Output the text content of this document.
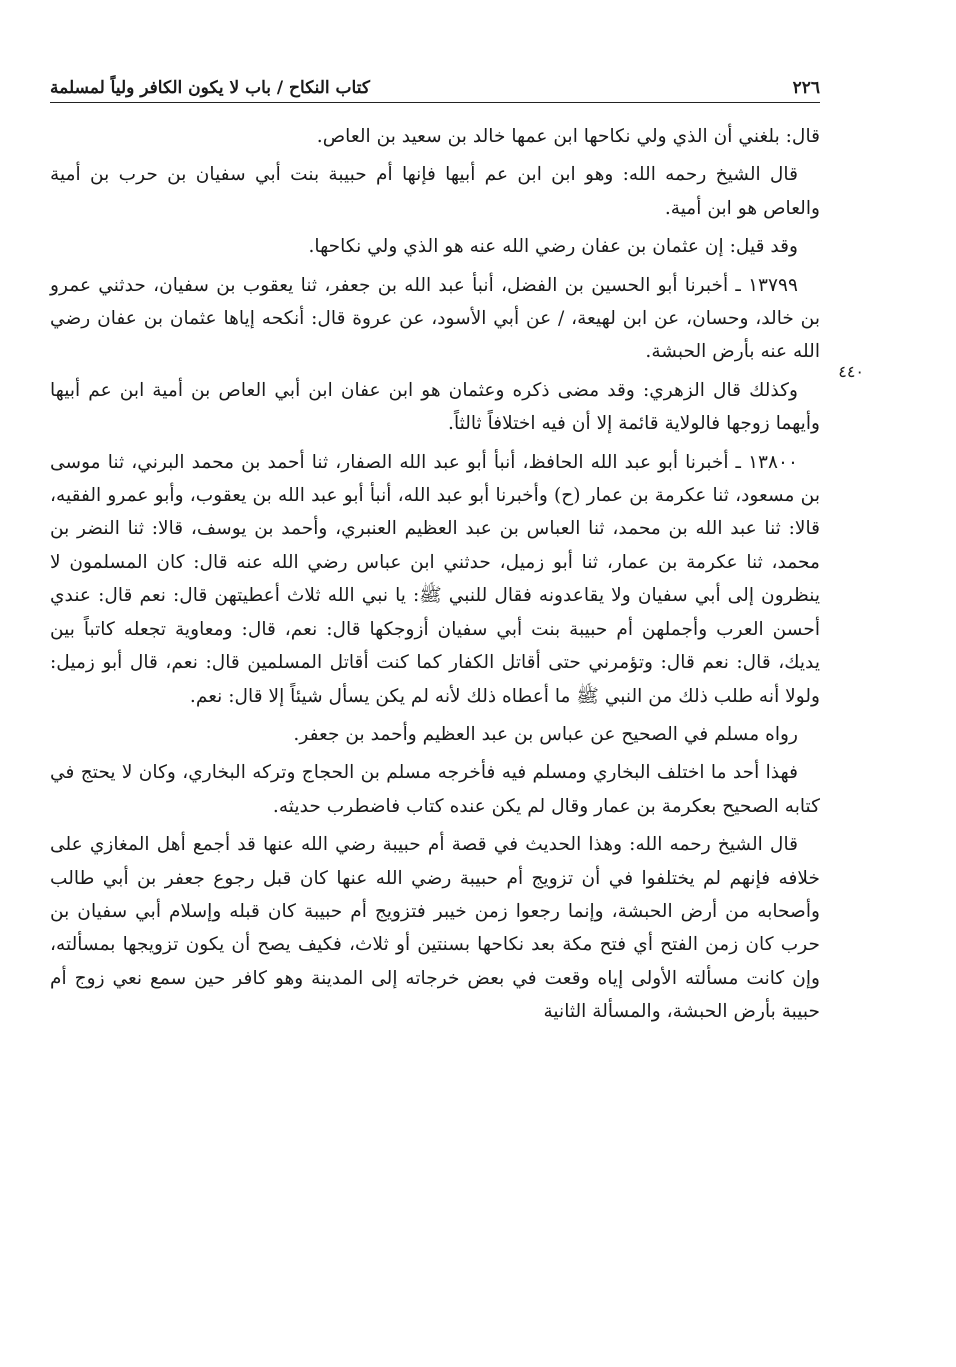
٢٢٦
كتاب النكاح / باب لا يكون الكافر ولياً لمسلمة
٤٤٠

قال: بلغني أن الذي ولي نكاحها ابن عمها خالد بن سعيد بن العاص.

قال الشيخ رحمه الله: وهو ابن ابن عم أبيها فإنها أم حبيبة بنت أبي سفيان بن حرب بن أمية والعاص هو ابن أمية.

وقد قيل: إن عثمان بن عفان رضي الله عنه هو الذي ولي نكاحها.

١٣٧٩٩ ـ أخبرنا أبو الحسين بن الفضل، أنبأ عبد الله بن جعفر، ثنا يعقوب بن سفيان، حدثني عمرو بن خالد، وحسان، عن ابن لهيعة، / عن أبي الأسود، عن عروة قال: أنكحه إياها عثمان بن عفان رضي الله عنه بأرض الحبشة.

وكذلك قال الزهري: وقد مضى ذكره وعثمان هو ابن عفان ابن أبي العاص بن أمية ابن عم أبيها وأيهما زوجها فالولاية قائمة إلا أن فيه اختلافاً ثالثاً.

١٣٨٠٠ ـ أخبرنا أبو عبد الله الحافظ، أنبأ أبو عبد الله الصفار، ثنا أحمد بن محمد البرني، ثنا موسى بن مسعود، ثنا عكرمة بن عمار (ح) وأخبرنا أبو عبد الله، أنبأ أبو عبد الله بن يعقوب، وأبو عمرو الفقيه، قالا: ثنا عبد الله بن محمد، ثنا العباس بن عبد العظيم العنبري، وأحمد بن يوسف، قالا: ثنا النضر بن محمد، ثنا عكرمة بن عمار، ثنا أبو زميل، حدثني ابن عباس رضي الله عنه قال: كان المسلمون لا ينظرون إلى أبي سفيان ولا يقاعدونه فقال للنبي ﷺ: يا نبي الله ثلاث أعطيتهن قال: نعم قال: عندي أحسن العرب وأجملهن أم حبيبة بنت أبي سفيان أزوجكها قال: نعم، قال: ومعاوية تجعله كاتباً بين يديك، قال: نعم قال: وتؤمرني حتى أقاتل الكفار كما كنت أقاتل المسلمين قال: نعم، قال أبو زميل: ولولا أنه طلب ذلك من النبي ﷺ ما أعطاه ذلك لأنه لم يكن يسأل شيئاً إلا قال: نعم.

رواه مسلم في الصحيح عن عباس بن عبد العظيم وأحمد بن جعفر.

فهذا أحد ما اختلف البخاري ومسلم فيه فأخرجه مسلم بن الحجاج وتركه البخاري، وكان لا يحتج في كتابه الصحيح بعكرمة بن عمار وقال لم يكن عنده كتاب فاضطرب حديثه.

قال الشيخ رحمه الله: وهذا الحديث في قصة أم حبيبة رضي الله عنها قد أجمع أهل المغازي على خلافه فإنهم لم يختلفوا في أن تزويج أم حبيبة رضي الله عنها كان قبل رجوع جعفر بن أبي طالب وأصحابه من أرض الحبشة، وإنما رجعوا زمن خيبر فتزويج أم حبيبة كان قبله وإسلام أبي سفيان بن حرب كان زمن الفتح أي فتح مكة بعد نكاحها بسنتين أو ثلاث، فكيف يصح أن يكون تزويجها بمسألته، وإن كانت مسألته الأولى إياه وقعت في بعض خرجاته إلى المدينة وهو كافر حين سمع نعي زوج أم حبيبة بأرض الحبشة، والمسألة الثانية
